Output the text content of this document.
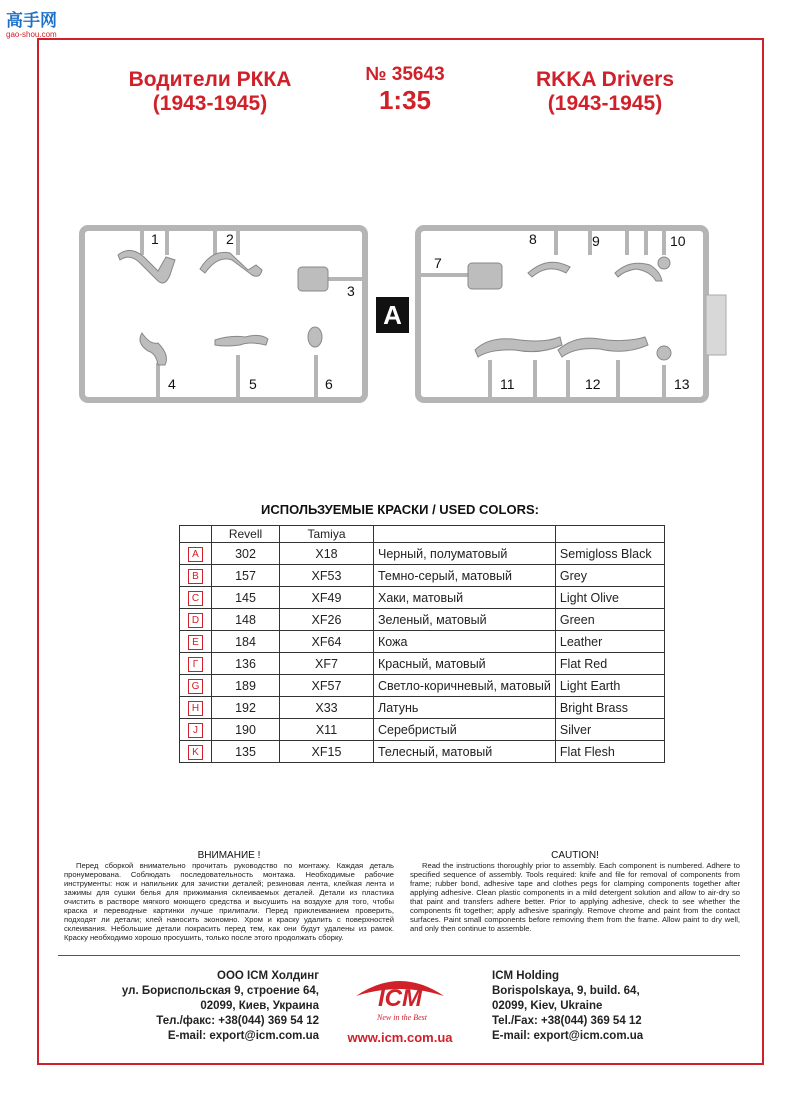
高手网
gao-shou.com
Водители РККА
(1943-1945)
№ 35643
1:35
RKKA Drivers
(1943-1945)
1	2
3
4	5	6
7
8	9	10
11	12	13
A
ИСПОЛЬЗУЕМЫЕ КРАСКИ / USED COLORS:
	Revell	Tamiya		
A	302	X18	Черный, полуматовый	Semigloss Black
B	157	XF53	Темно-серый, матовый	Grey
C	145	XF49	Хаки, матовый	Light Olive
D	148	XF26	Зеленый, матовый	Green
E	184	XF64	Кожа	Leather
Г	136	XF7	Красный, матовый	Flat Red
G	189	XF57	Светло-коричневый, матовый	Light Earth
H	192	X33	Латунь	Bright Brass
J	190	X11	Серебристый	Silver
K	135	XF15	Телесный, матовый	Flat Flesh
ВНИМАНИЕ !
Перед сборкой внимательно прочитать руководство по монтажу. Каждая деталь пронумерована. Соблюдать последовательность монтажа. Необходимые рабочие инструменты: нож и напильник для зачистки деталей; резиновая лента, клейкая лента и зажимы для сушки белья для прижимания склеиваемых деталей. Детали из пластика очистить в растворе мягкого моющего средства и высушить на воздухе для того, чтобы краска и переводные картинки лучше прилипали. Перед приклеиванием проверить, подходят ли детали; клей наносить экономно. Хром и краску удалить с поверхностей склеивания. Небольшие детали покрасить перед тем, как они будут удалены из рамок. Краску необходимо хорошо просушить, только после этого продолжать сборку.
CAUTION!
Read the instructions thoroughly prior to assembly. Each component is numbered. Adhere to specified sequence of assembly. Tools required: knife and file for removal of components from frame; rubber bond, adhesive tape and clothes pegs for clamping components together after applying adhesive. Clean plastic components in a mild detergent solution and allow to air-dry so that paint and transfers adhere better. Prior to applying adhesive, check to see whether the components fit together; apply adhesive sparingly. Remove chrome and paint from the contact surfaces. Paint small components before removing them from the frame. Allow paint to dry well, and only then continue to assemble.
ООО ICM Холдинг
ул. Бориспольская 9, строение 64,
02099, Киев, Украина
Тел./факс: +38(044) 369 54 12
E-mail: export@icm.com.ua
ICM Holding
Borispolskaya, 9, build. 64,
02099, Kiev, Ukraine
Tel./Fax: +38(044) 369 54 12
E-mail: export@icm.com.ua
ICM
New in the Best
www.icm.com.ua
